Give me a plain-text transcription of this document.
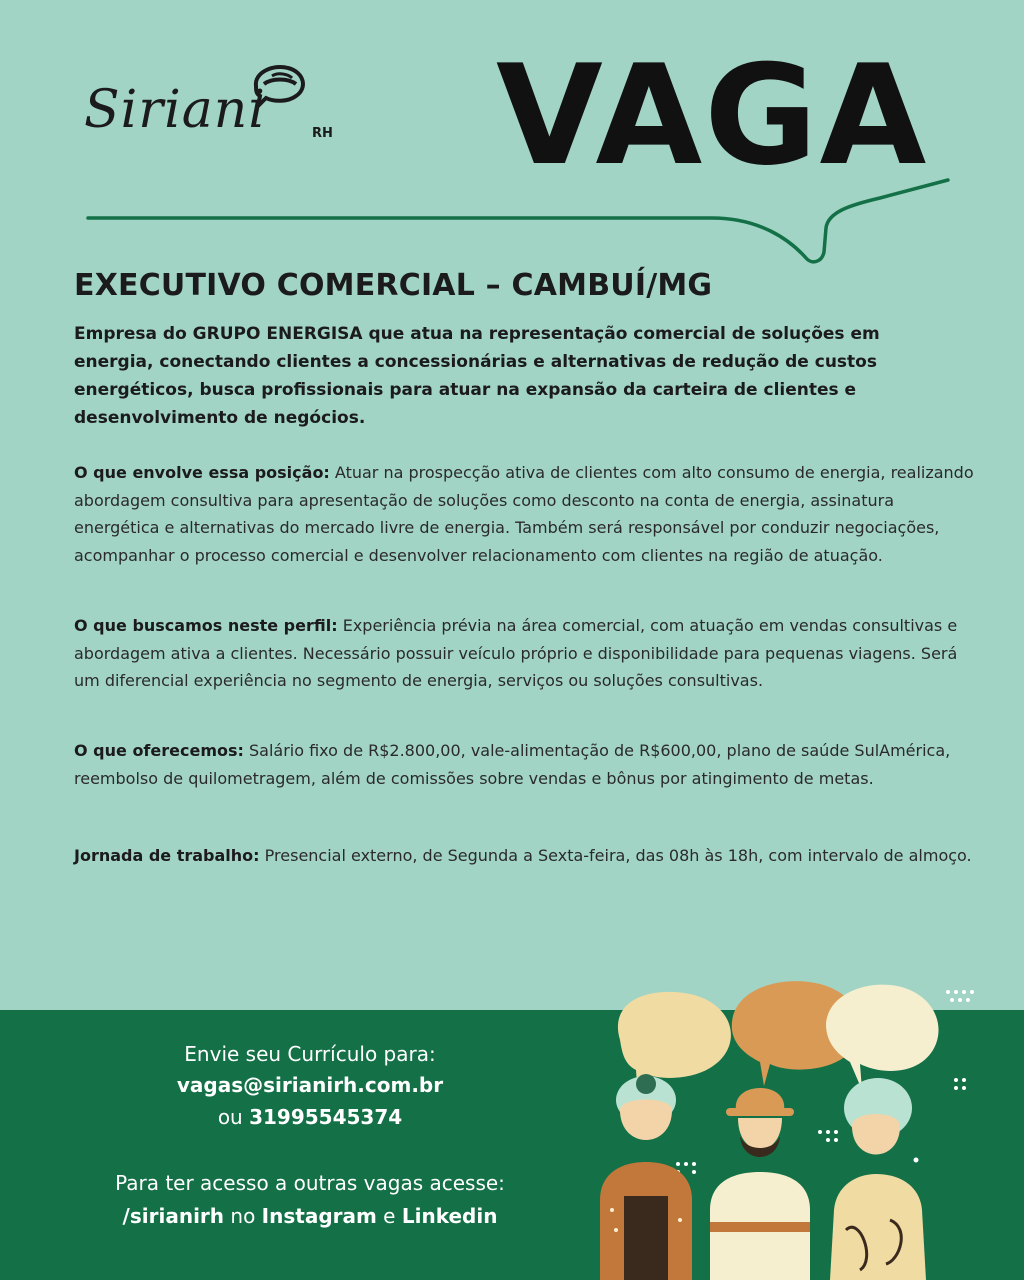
Siriani	RH VAGA
EXECUTIVO COMERCIAL – CAMBUÍ/MG

Empresa do GRUPO ENERGISA que atua na representação comercial de soluções em energia, conectando clientes a concessionárias e alternativas de redução de custos energéticos, busca profissionais para atuar na expansão da carteira de clientes e desenvolvimento de negócios.

O que envolve essa posição: Atuar na prospecção ativa de clientes com alto consumo de energia, realizando abordagem consultiva para apresentação de soluções como desconto na conta de energia, assinatura energética e alternativas do mercado livre de energia. Também será responsável por conduzir negociações, acompanhar o processo comercial e desenvolver relacionamento com clientes na região de atuação.

O que buscamos neste perfil: Experiência prévia na área comercial, com atuação em vendas consultivas e abordagem ativa a clientes. Necessário possuir veículo próprio e disponibilidade para pequenas viagens. Será um diferencial experiência no segmento de energia, serviços ou soluções consultivas.

O que oferecemos: Salário fixo de R$2.800,00, vale-alimentação de R$600,00, plano de saúde SulAmérica, reembolso de quilometragem, além de comissões sobre vendas e bônus por atingimento de metas.

Jornada de trabalho: Presencial externo, de Segunda a Sexta-feira, das 08h às 18h, com intervalo de almoço.

Envie seu Currículo para:

vagas@sirianirh.com.br

ou 31995545374

Para ter acesso a outras vagas acesse:

/sirianirh no Instagram e Linkedin
